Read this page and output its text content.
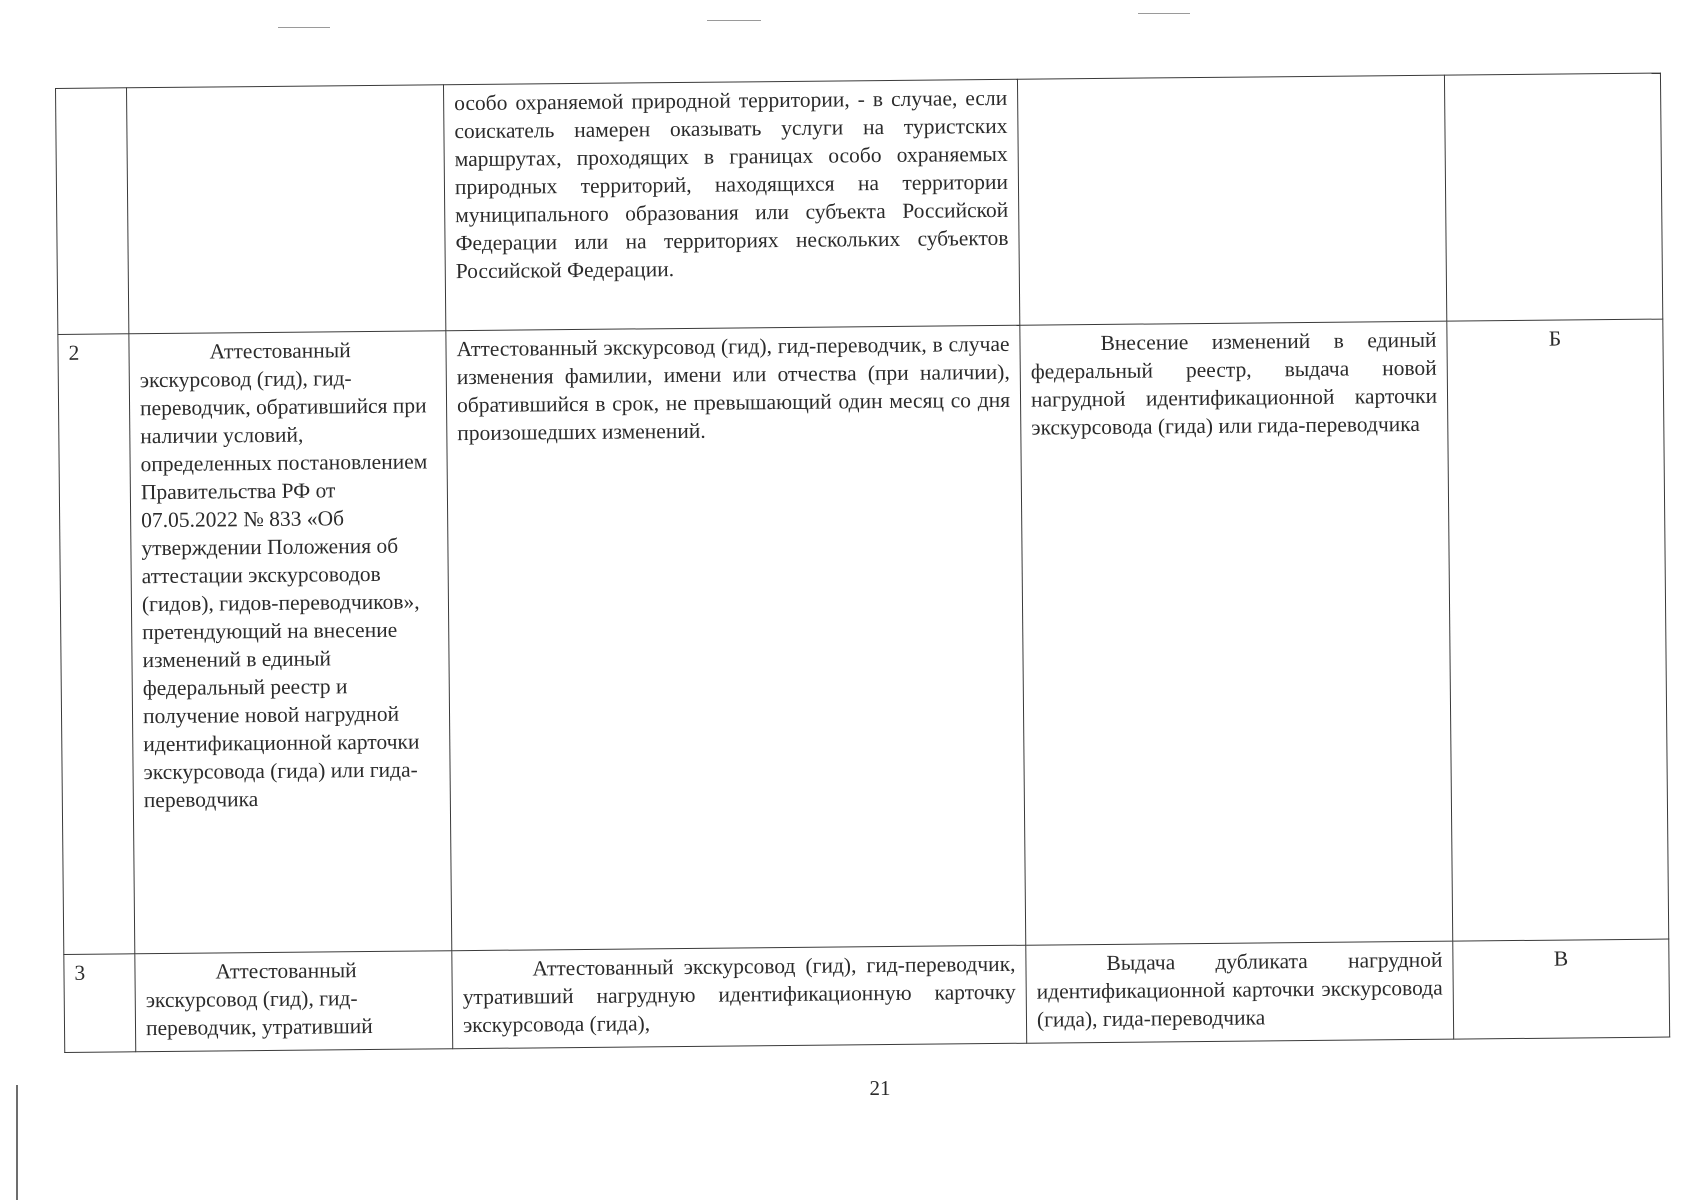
		особо охраняемой природной территории, - в случае, если соискатель намерен оказывать услуги на туристских маршрутах, проходящих в границах особо охраняемых природных территорий, находящихся на территории муниципального образования или субъекта Российской Федерации или на территориях нескольких субъектов Российской Федерации.		
2	Аттестованный экскурсовод (гид), гид-переводчик, обратившийся при наличии условий, определенных постановлением Правительства РФ от 07.05.2022 № 833 «Об утверждении Положения об аттестации экскурсоводов (гидов), гидов-переводчиков», претендующий на внесение изменений в единый федеральный реестр и получение новой нагрудной идентификационной карточки экскурсовода (гида) или гида-переводчика	Аттестованный экскурсовод (гид), гид-переводчик, в случае изменения фамилии, имени или отчества (при наличии), обратившийся в срок, не превышающий один месяц со дня произошедших изменений.	Внесение изменений в единый федеральный реестр, выдача новой нагрудной идентификационной карточки экскурсовода (гида) или гида-переводчика	Б
3	Аттестованный экскурсовод (гид), гид-переводчик, утративший	Аттестованный экскурсовод (гид), гид-переводчик, утративший нагрудную идентификационную карточку экскурсовода (гида),	Выдача дубликата нагрудной идентификационной карточки экскурсовода (гида), гида-переводчика	В
21
